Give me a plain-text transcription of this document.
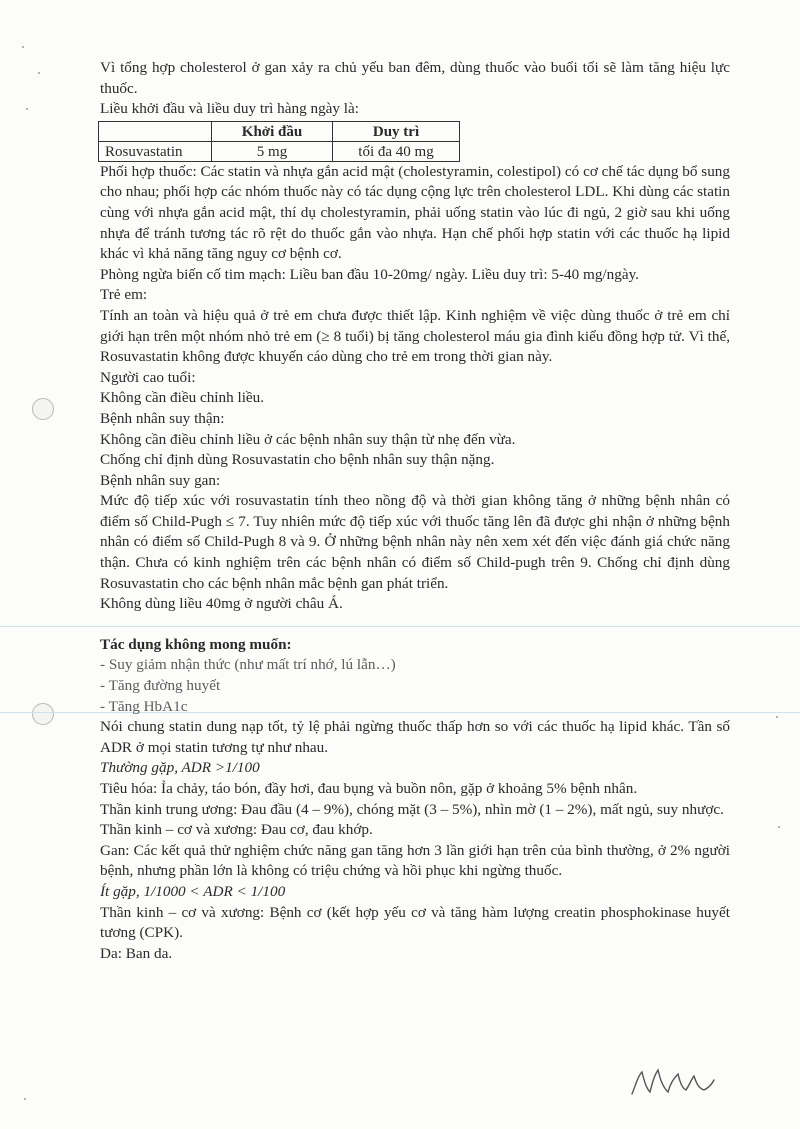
Vì tổng hợp cholesterol ở gan xảy ra chủ yếu ban đêm, dùng thuốc vào buổi tối sẽ làm tăng hiệu lực thuốc.

Liều khởi đầu và liều duy trì hàng ngày là:

	Khởi đầu	Duy trì
Rosuvastatin	5 mg	tối đa 40 mg

Phối hợp thuốc: Các statin và nhựa gắn acid mật (cholestyramin, colestipol) có cơ chế tác dụng bổ sung cho nhau; phối hợp các nhóm thuốc này có tác dụng cộng lực trên cholesterol LDL. Khi dùng các statin cùng với nhựa gắn acid mật, thí dụ cholestyramin, phải uống statin vào lúc đi ngủ, 2 giờ sau khi uống nhựa để tránh tương tác rõ rệt do thuốc gắn vào nhựa. Hạn chế phối hợp statin với các thuốc hạ lipid khác vì khả năng tăng nguy cơ bệnh cơ.

Phòng ngừa biến cố tim mạch: Liều ban đầu 10-20mg/ ngày. Liều duy trì: 5-40 mg/ngày.

Trẻ em:

Tính an toàn và hiệu quả ở trẻ em chưa được thiết lập. Kinh nghiệm về việc dùng thuốc ở trẻ em chỉ giới hạn trên một nhóm nhỏ trẻ em (≥ 8 tuổi) bị tăng cholesterol máu gia đình kiểu đồng hợp tử. Vì thế, Rosuvastatin không được khuyến cáo dùng cho trẻ em trong thời gian này.

Người cao tuổi:

Không cần điều chỉnh liều.

Bệnh nhân suy thận:

Không cần điều chỉnh liều ở các bệnh nhân suy thận từ nhẹ đến vừa.

Chống chỉ định dùng Rosuvastatin cho bệnh nhân suy thận nặng.

Bệnh nhân suy gan:

Mức độ tiếp xúc với rosuvastatin tính theo nồng độ và thời gian không tăng ở những bệnh nhân có điểm số Child-Pugh ≤ 7. Tuy nhiên mức độ tiếp xúc với thuốc tăng lên đã được ghi nhận ở những bệnh nhân có điểm số Child-Pugh 8 và 9. Ở những bệnh nhân này nên xem xét đến việc đánh giá chức năng thận. Chưa có kinh nghiệm trên các bệnh nhân có điểm số Child-pugh trên 9. Chống chỉ định dùng Rosuvastatin cho các bệnh nhân mắc bệnh gan phát triển.

Không dùng liều 40mg ở người châu Á.

Tác dụng không mong muốn:

- Suy giảm nhận thức (như mất trí nhớ, lú lẫn…)

- Tăng đường huyết

- Tăng HbA1c

Nói chung statin dung nạp tốt, tỷ lệ phải ngừng thuốc thấp hơn so với các thuốc hạ lipid khác. Tần số ADR ở mọi statin tương tự như nhau.

Thường gặp, ADR >1/100

Tiêu hóa: Ỉa chảy, táo bón, đầy hơi, đau bụng và buồn nôn, gặp ở khoảng 5% bệnh nhân.

Thần kinh trung ương: Đau đầu (4 – 9%), chóng mặt (3 – 5%), nhìn mờ (1 – 2%), mất ngủ, suy nhược.

Thần kinh – cơ và xương: Đau cơ, đau khớp.

Gan: Các kết quả thử nghiệm chức năng gan tăng hơn 3 lần giới hạn trên của bình thường, ở 2% người bệnh, nhưng phần lớn là không có triệu chứng và hồi phục khi ngừng thuốc.

Ít gặp, 1/1000 < ADR < 1/100

Thần kinh – cơ và xương: Bệnh cơ (kết hợp yếu cơ và tăng hàm lượng creatin phosphokinase huyết tương (CPK).

Da: Ban da.
